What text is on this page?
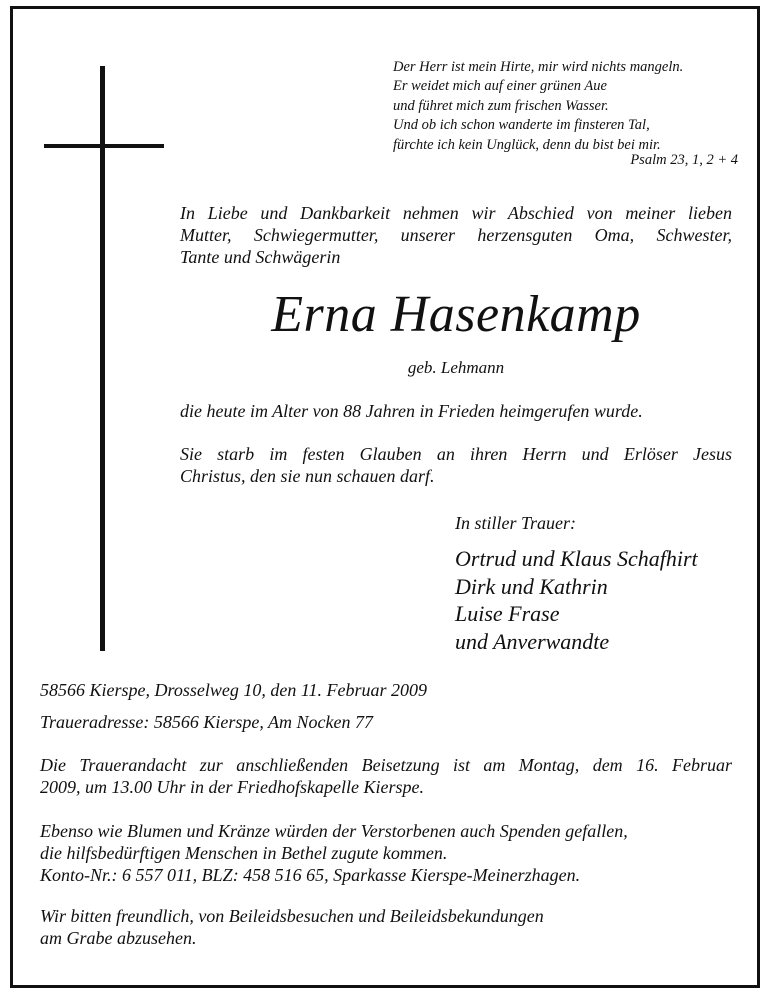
Der Herr ist mein Hirte, mir wird nichts mangeln.
Er weidet mich auf einer grünen Aue
und führet mich zum frischen Wasser.
Und ob ich schon wanderte im finsteren Tal,
fürchte ich kein Unglück, denn du bist bei mir.
Psalm 23, 1, 2 + 4
In Liebe und Dankbarkeit nehmen wir Abschied von meiner lieben
Mutter, Schwiegermutter, unserer herzensguten Oma, Schwester,
Tante und Schwägerin
Erna Hasenkamp
geb. Lehmann
die heute im Alter von 88 Jahren in Frieden heimgerufen wurde.
Sie starb im festen Glauben an ihren Herrn und Erlöser Jesus
Christus, den sie nun schauen darf.
In stiller Trauer:
Ortrud und Klaus Schafhirt
Dirk und Kathrin
Luise Frase
und Anverwandte
58566 Kierspe, Drosselweg 10, den 11. Februar 2009
Traueradresse: 58566 Kierspe, Am Nocken 77
Die Trauerandacht zur anschließenden Beisetzung ist am Montag, dem 16. Februar
2009, um 13.00 Uhr in der Friedhofskapelle Kierspe.
Ebenso wie Blumen und Kränze würden der Verstorbenen auch Spenden gefallen,
die hilfsbedürftigen Menschen in Bethel zugute kommen.
Konto-Nr.: 6 557 011, BLZ: 458 516 65, Sparkasse Kierspe-Meinerzhagen.
Wir bitten freundlich, von Beileidsbesuchen und Beileidsbekundungen
am Grabe abzusehen.
